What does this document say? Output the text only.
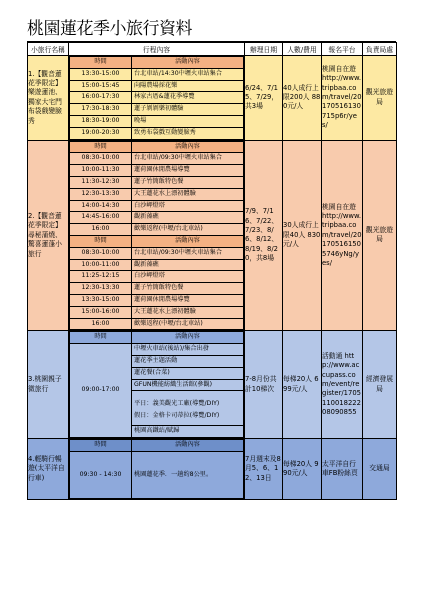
桃園蓮花季小旅行資料
小旅行名稱	行程內容	辦理日期	人數/費用	報名平台	負責局處
1.【觀音蓮花季限定】樂遊蓮池、獨家大宅門布袋戲變臉秀	
時間	活動內容
13:30-15:00	台北車站/14:30中壢火車站集合
15:00-15:45	向陽農場採花樂
16:00-17:30	林家古厝&蓮花季導覽
17:30-18:30	蓮子剝剝樂初體驗
18:30-19:00	晚場
19:00-20:30	致勇布袋戲互動變臉秀
	6/24、7/15、7/29，共3場	40人成行上限200人 880元/人	桃園自在遊 http://www.tripbaa.com/travel/20170516130715p6r/yes/	觀光旅遊局
2.【觀音蓮花季限定】尋秘蒲燒、驚喜蓮蓬小旅行	
時間	活動內容
08:30-10:00	台北車站/09:30中壢火車站集合
10:00-11:30	蓮荷園休閒農場導覽
11:30-12:30	蓮子竹簡飯特色餐
12:30-13:30	大王蓮花水上漂初體驗
14:00-14:30	白沙岬燈塔
14:45-16:00	觀新藻礁
16:00	歡樂返程(中壢/台北車站)
時間	活動內容
08:30-10:00	台北車站/09:30中壢火車站集合
10:00-11:00	觀新藻礁
11:25-12:15	白沙岬燈塔
12:30-13:30	蓮子竹簡飯特色餐
13:30-15:00	蓮荷園休閒農場導覽
15:00-16:00	大王蓮花水上漂初體驗
16:00	歡樂返程(中壢/台北車站)
	7/9、7/16、7/22、7/23、8/6、8/12、8/19、8/20，共8場	30人成行上限40人 830元/人	桃園自在遊 http://www.tripbaa.com/travel/201705161505746yNg/yes/	觀光旅遊局
3.桃園親子微旅行	
時間	活動內容
09:00-17:00	中壢火車站(後站)/集合出發
蓮花季主題活動
蓮花餐(合菜)
GFUN機能紡織生活館(參觀)

平日：義美觀光工廠(導覽/DIY)
假日：金格卡司蒂拉(導覽/DIY)

桃園高鐵站/賦歸
	7-8月份共計10梯次	每梯20人 699元/人	活動通 http://www.accupass.com/event/register/170511001822208090855	經濟發展局
4.輕騎行暢遊(太平洋自行車)	
時間	活動內容
09:30 - 14:30	桃園蓮花季．一趟約8公里。
	7月週末及8月5、6、12、13日	每梯20人 990元/人	太平洋自行車FB粉絲頁	交通局
